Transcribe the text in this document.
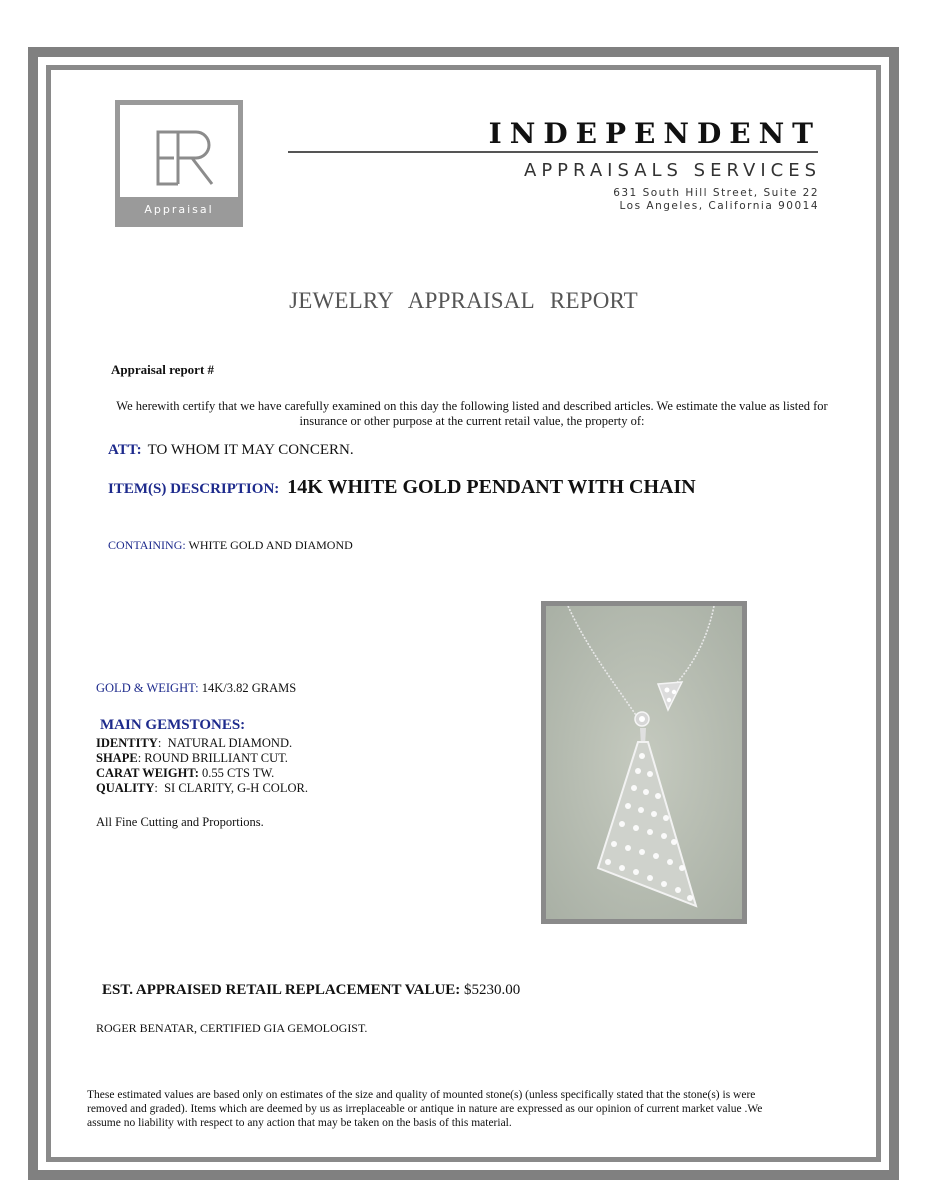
Appraisal
INDEPENDENT
APPRAISALS SERVICES
631 South Hill Street, Suite 22
Los Angeles, California 90014
JEWELRY APPRAISAL REPORT
Appraisal report #
We herewith certify that we have carefully examined on this day the following listed and described articles. We estimate the value as listed for insurance or other purpose at the current retail value, the property of:
ATT: TO WHOM IT MAY CONCERN.
ITEM(S) DESCRIPTION: 14K WHITE GOLD PENDANT WITH CHAIN
CONTAINING: WHITE GOLD AND DIAMOND
GOLD & WEIGHT: 14K/3.82 GRAMS
MAIN GEMSTONES:
IDENTITY:  NATURAL DIAMOND.
SHAPE: ROUND BRILLIANT CUT.
CARAT WEIGHT: 0.55 CTS TW.
QUALITY:  SI CLARITY, G-H COLOR.
All Fine Cutting and Proportions.
EST. APPRAISED RETAIL REPLACEMENT VALUE: $5230.00
ROGER BENATAR, CERTIFIED GIA GEMOLOGIST.
These estimated values are based only on estimates of the size and quality of mounted stone(s) (unless specifically stated that the stone(s) is were removed and graded). Items which are deemed by us as irreplaceable or antique in nature are expressed as our opinion of current market value .We assume no liability with respect to any action that may be taken on the basis of this material.
